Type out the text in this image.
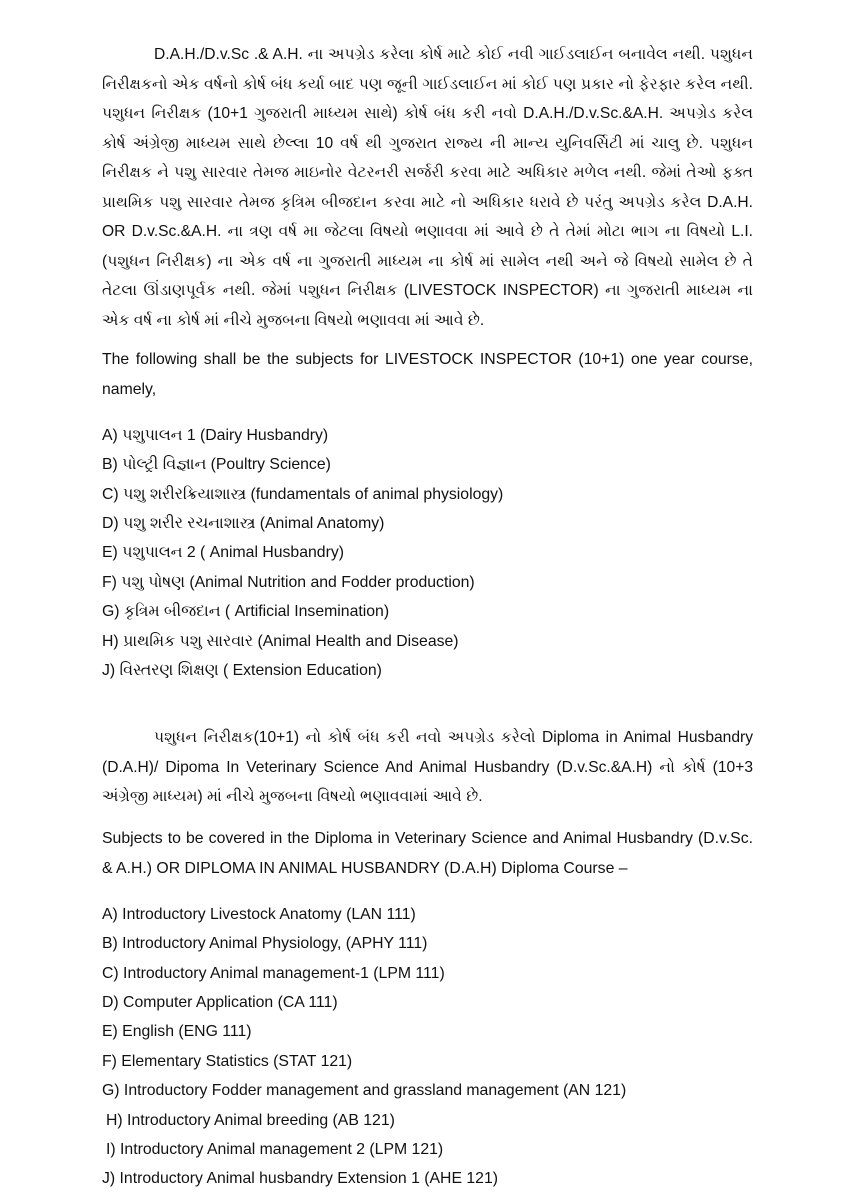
D.A.H./D.v.Sc .& A.H. ના અપગ્રેડ કરેલા કોર્ષ માટે કોઈ નવી ગાઈડલાઈન બનાવેલ નથી. પશુધન નિરીક્ષકનો એક વર્ષનો કોર્ષ બંધ કર્યા બાદ પણ જૂની ગાઈડલાઈન માં કોઈ પણ પ્રકાર નો ફેરફાર કરેલ નથી. પશુધન નિરીક્ષક (10+1 ગુજરાતી માધ્યમ સાથે) કોર્ષ બંધ કરી નવો D.A.H./D.v.Sc.&A.H. અપગ્રેડ કરેલ કોર્ષ અંગ્રેજી માધ્યમ સાથે છેલ્લા 10 વર્ષ થી ગુજરાત રાજ્ય ની માન્ય યુનિવર્સિટી માં ચાલુ છે. પશુધન નિરીક્ષક ને પશુ સારવાર તેમજ માઇનોર વેટરનરી સર્જરી કરવા માટે અધિકાર મળેલ નથી. જેમાં તેઓ ફક્ત પ્રાથમિક પશુ સારવાર તેમજ કૃત્રિમ બીજદાન કરવા માટે નો અધિકાર ધરાવે છે પરંતુ અપગ્રેડ કરેલ D.A.H. OR D.v.Sc.&A.H. ના ત્રણ વર્ષ મા જેટલા વિષયો ભણાવવા માં આવે છે તે તેમાં મોટા ભાગ ના વિષયો L.I.(પશુધન નિરીક્ષક) ના એક વર્ષ ના ગુજરાતી માધ્યમ ના કોર્ષ માં સામેલ નથી અને જે વિષયો સામેલ છે તે તેટલા ઊંડાણપૂર્વક નથી. જેમાં પશુધન નિરીક્ષક (LIVESTOCK INSPECTOR) ના ગુજરાતી માધ્યમ ના એક વર્ષ ના કોર્ષ માં નીચે મુજબના વિષયો ભણાવવા માં આવે છે.

The following shall be the subjects for LIVESTOCK INSPECTOR (10+1) one year course, namely,

A) પશુપાલન 1 (Dairy Husbandry)
B) પોલ્ટ્રી વિજ્ઞાન (Poultry Science)
C) પશુ શરીરક્રિયાશાસ્ત્ર (fundamentals of animal physiology)
D) પશુ શરીર રચનાશાસ્ત્ર (Animal Anatomy)
E) પશુપાલન 2 ( Animal Husbandry)
F) પશુ પોષણ (Animal Nutrition and Fodder production)
G) કૃત્રિમ બીજદાન ( Artificial Insemination)
H) પ્રાથમિક પશુ સારવાર (Animal Health and Disease)
J) વિસ્તરણ શિક્ષણ ( Extension Education)

પશુધન નિરીક્ષક(10+1) નો કોર્ષ બંધ કરી નવો અપગ્રેડ કરેલો Diploma in Animal Husbandry (D.A.H)/ Dipoma In Veterinary Science And Animal Husbandry (D.v.Sc.&A.H) નો કોર્ષ (10+3 અંગ્રેજી માધ્યમ) માં નીચે મુજબના વિષયો ભણાવવામાં આવે છે.

Subjects to be covered in the Diploma in Veterinary Science and Animal Husbandry (D.v.Sc. & A.H.) OR DIPLOMA IN ANIMAL HUSBANDRY (D.A.H) Diploma Course –

A) Introductory Livestock Anatomy (LAN 111)
B) Introductory Animal Physiology, (APHY 111)
C) Introductory Animal management-1 (LPM 111)
D) Computer Application (CA 111)
E) English (ENG 111)
F) Elementary Statistics (STAT 121)
G) Introductory Fodder management and grassland management (AN 121)
H) Introductory Animal breeding (AB 121)
I) Introductory Animal management 2 (LPM 121)
J) Introductory Animal husbandry Extension 1 (AHE 121)
